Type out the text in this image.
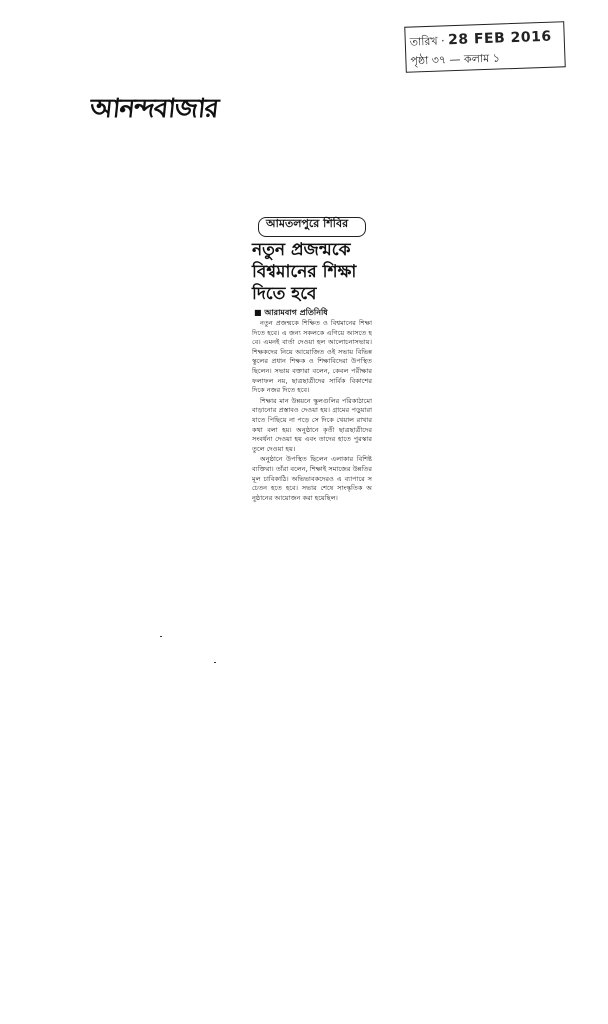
তারিখ · 28 FEB 2016
পৃষ্ঠা ৩৭ — কলাম ১
আনন্দবাজার
আমতলপুরে শিবির
নতুন প্রজন্মকে
বিশ্বমানের শিক্ষা
দিতে হবে
■ আরামবাগ প্রতিনিধি

নতুন প্রজন্মকে শিক্ষিত ও বিশ্বমানের শিক্ষা দিতে হবে। এ জন্য সকলকে এগিয়ে আসতে হবে। এমনই বার্তা দেওয়া হল আলোচনাসভায়। শিক্ষকদের নিয়ে আয়োজিত ওই সভায় বিভিন্ন স্কুলের প্রধান শিক্ষক ও শিক্ষাবিদেরা উপস্থিত ছিলেন। সভায় বক্তারা বলেন, কেবল পরীক্ষার ফলাফল নয়, ছাত্রছাত্রীদের সার্বিক বিকাশের দিকে নজর দিতে হবে।

শিক্ষার মান উন্নয়নে স্কুলগুলির পরিকাঠামো বাড়ানোর প্রস্তাবও দেওয়া হয়। গ্রামের পড়ুয়ারা যাতে পিছিয়ে না পড়ে সে দিকে খেয়াল রাখার কথা বলা হয়। অনুষ্ঠানে কৃতী ছাত্রছাত্রীদের সংবর্ধনা দেওয়া হয় এবং তাদের হাতে পুরস্কার তুলে দেওয়া হয়।

অনুষ্ঠানে উপস্থিত ছিলেন এলাকার বিশিষ্ট ব্যক্তিরা। তাঁরা বলেন, শিক্ষাই সমাজের উন্নতির মূল চাবিকাঠি। অভিভাবকদেরও এ ব্যাপারে সচেতন হতে হবে। সভার শেষে সাংস্কৃতিক অনুষ্ঠানের আয়োজন করা হয়েছিল।
